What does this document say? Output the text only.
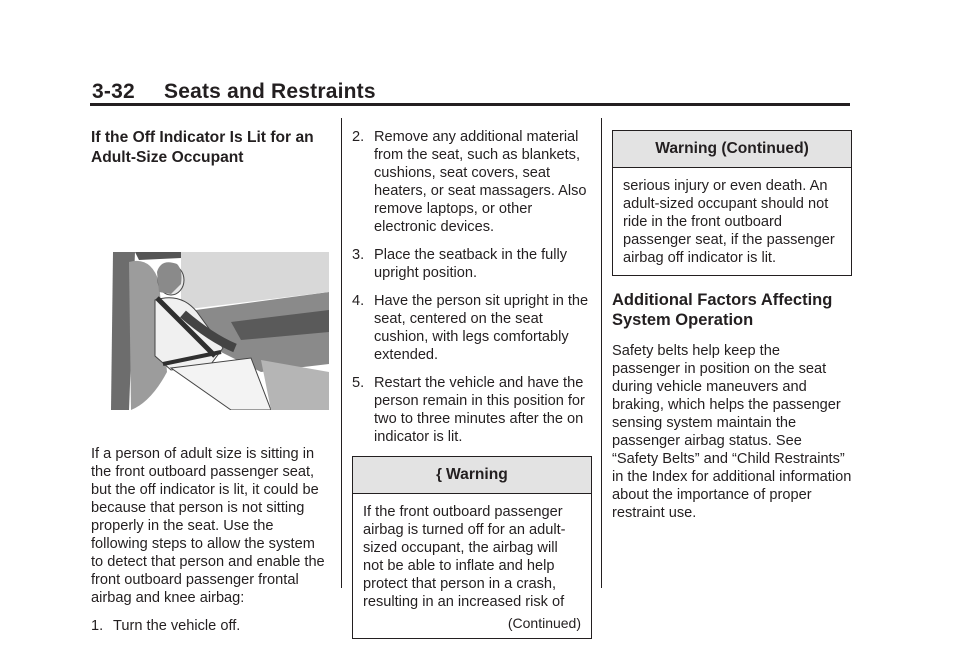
3-32 Seats and Restraints
If the Off Indicator Is Lit for an Adult-Size Occupant

If a person of adult size is sitting in the front outboard passenger seat, but the off indicator is lit, it could be because that person is not sitting properly in the seat. Use the following steps to allow the system to detect that person and enable the front outboard passenger frontal airbag and knee airbag:

1. Turn the vehicle off.
2. Remove any additional material from the seat, such as blankets, cushions, seat covers, seat heaters, or seat massagers. Also remove laptops, or other electronic devices.
3. Place the seatback in the fully upright position.
4. Have the person sit upright in the seat, centered on the seat cushion, with legs comfortably extended.
5. Restart the vehicle and have the person remain in this position for two to three minutes after the on indicator is lit.
{ Warning
If the front outboard passenger airbag is turned off for an adult-sized occupant, the airbag will not be able to inflate and help protect that person in a crash, resulting in an increased risk of
(Continued)
Warning (Continued)
serious injury or even death. An adult-sized occupant should not ride in the front outboard passenger seat, if the passenger airbag off indicator is lit.
Additional Factors Affecting System Operation

Safety belts help keep the passenger in position on the seat during vehicle maneuvers and braking, which helps the passenger sensing system maintain the passenger airbag status. See “Safety Belts” and “Child Restraints” in the Index for additional information about the importance of proper restraint use.
